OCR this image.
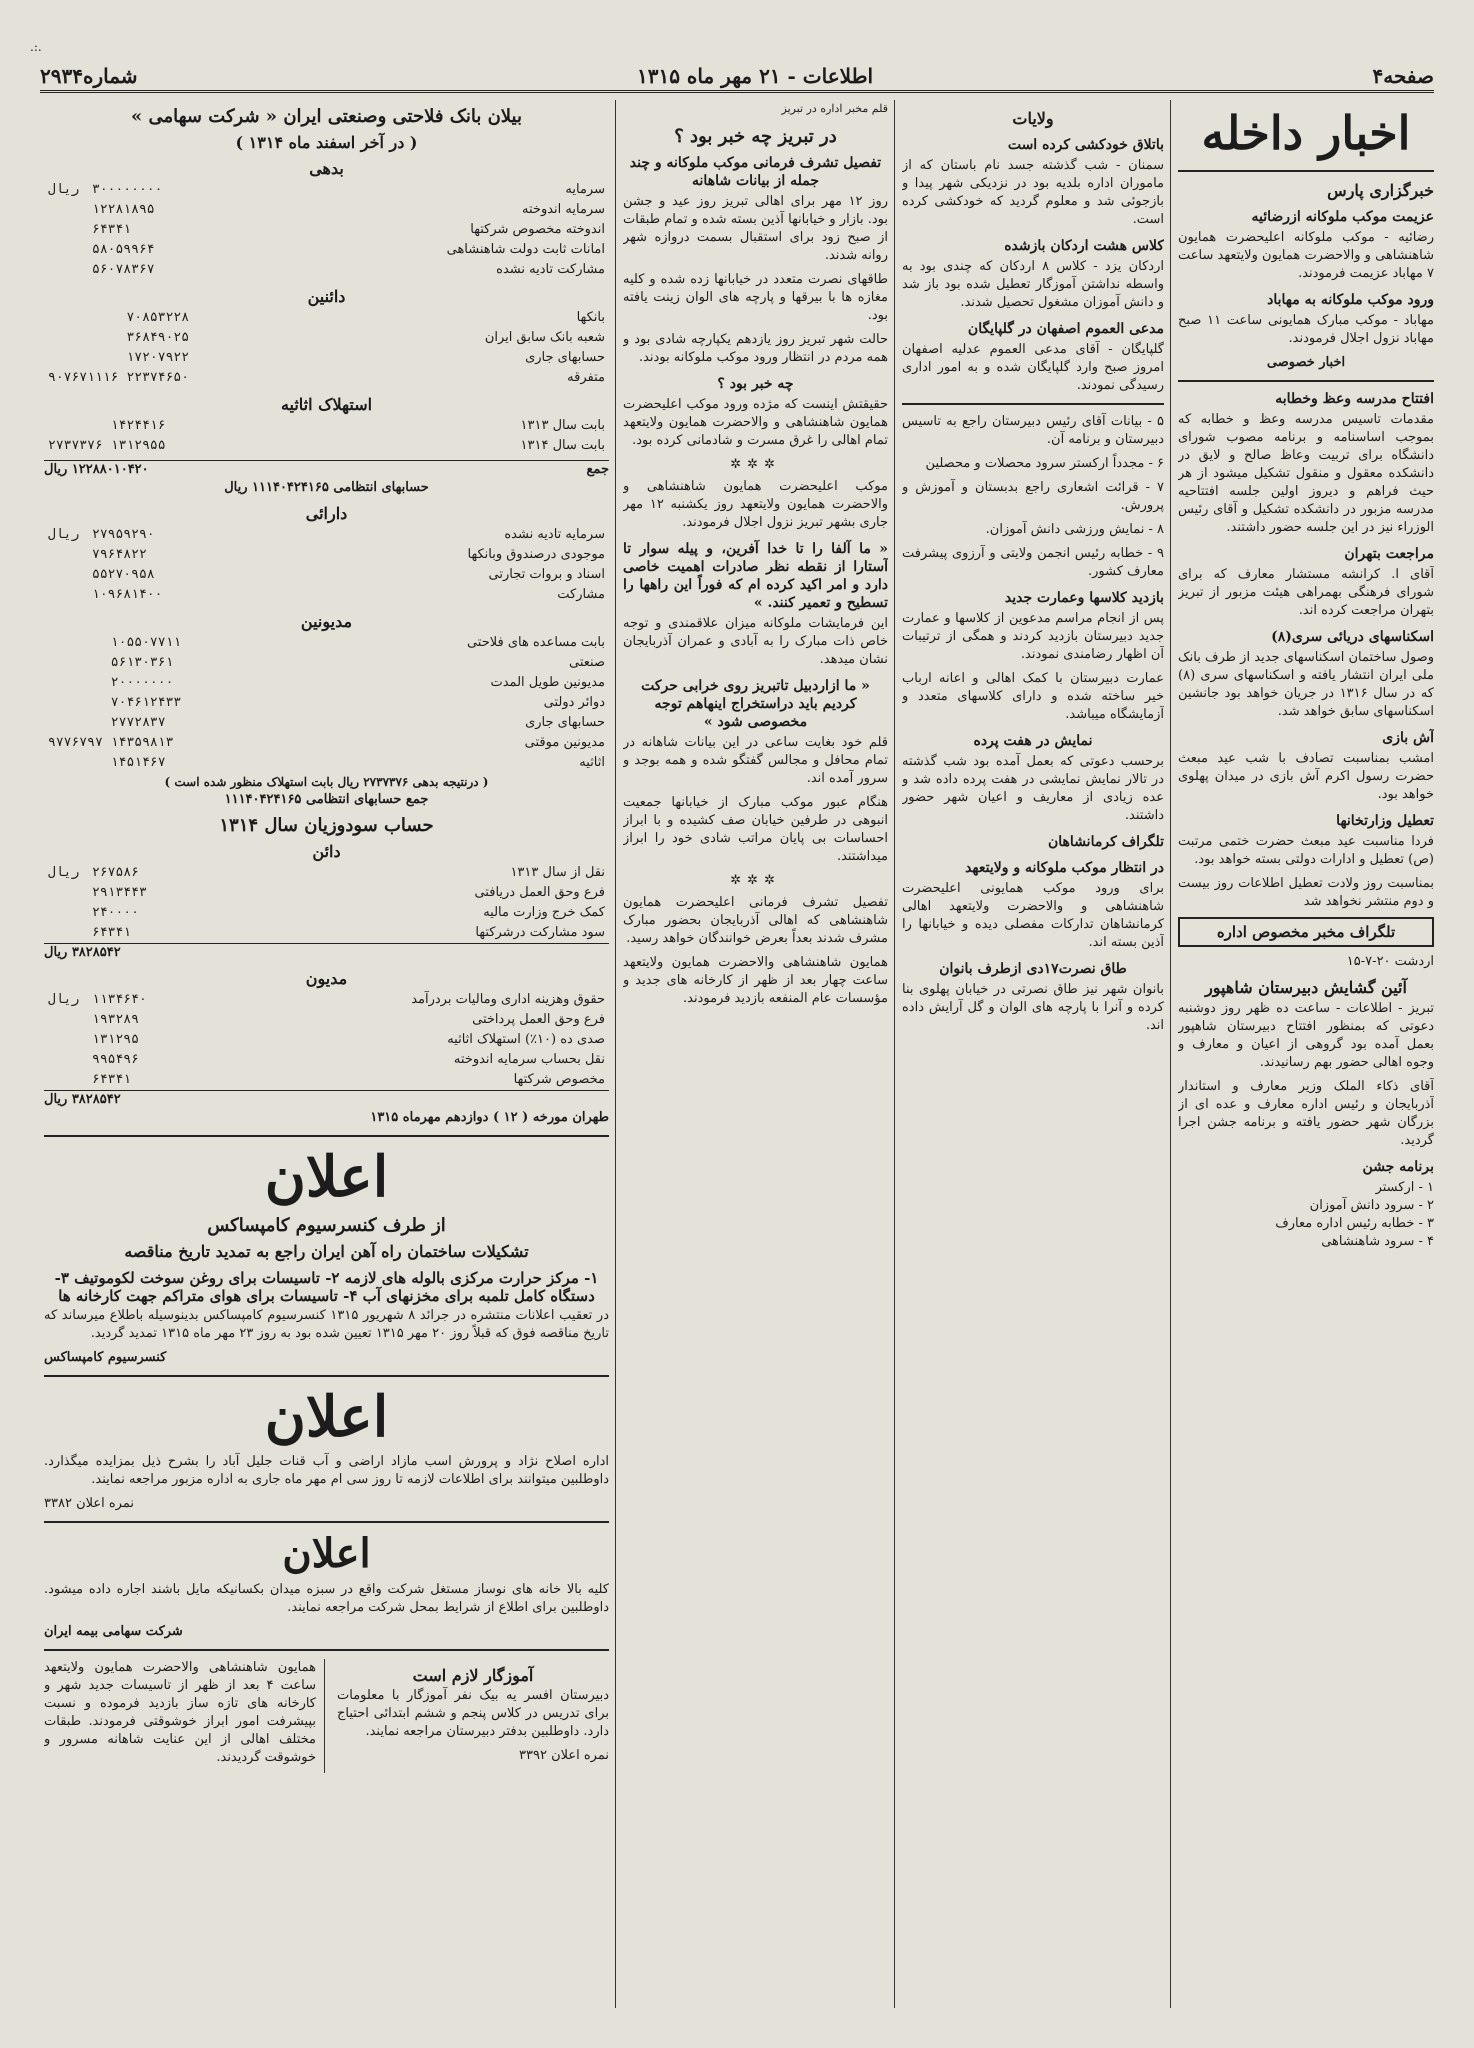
.:.
صفحه۴
اطلاعات - ۲۱ مهر ماه ۱۳۱۵
شماره۲۹۳۴
اخبار داخله
خبرگزاری پارس
عزیمت موکب ملوکانه ازرضائیه

رضائیه - موکب ملوکانه اعلیحضرت همایون شاهنشاهی و والاحضرت همایون ولایتعهد ساعت ۷ مهاباد عزیمت فرمودند.

ورود موکب ملوکانه به مهاباد

مهاباد - موکب مبارک همایونی ساعت ۱۱ صبح مهاباد نزول اجلال فرمودند.

اخبار خصوصی
افتتاح مدرسه وعظ وخطابه

مقدمات تاسیس مدرسه وعظ و خطابه که بموجب اساسنامه و برنامه مصوب شورای دانشگاه برای تربیت وعاظ صالح و لایق در دانشکده معقول و منقول تشکیل میشود از هر حیث فراهم و دیروز اولین جلسه افتتاحیه مدرسه مزبور در دانشکده تشکیل و آقای رئیس الوزراء نیز در این جلسه حضور داشتند.

مراجعت بتهران

آقای ا. کرانشه مستشار معارف که برای شورای فرهنگی بهمراهی هیئت مزبور از تبریز بتهران مراجعت کرده اند.

اسکناسهای دریائی سری(۸)

وصول ساختمان اسکناسهای جدید از طرف بانک ملی ایران انتشار یافته و اسکناسهای سری (۸) که در سال ۱۳۱۶ در جریان خواهد بود جانشین اسکناسهای سابق خواهد شد.

آش بازی

امشب بمناسبت تصادف با شب عید مبعث حضرت رسول اکرم آش بازی در میدان پهلوی خواهد بود.

تعطیل وزارتخانها

فردا مناسبت عید مبعث حضرت ختمی مرتبت (ص) تعطیل و ادارات دولتی بسته خواهد بود.

بمناسبت روز ولادت تعطیل اطلاعات روز بیست و دوم منتشر نخواهد شد

تلگراف مخبر مخصوص اداره
اردشت ۲۰-۷-۱۵
آئین گشایش دبیرستان شاهپور

تبریز - اطلاعات - ساعت ده ظهر روز دوشنبه دعوتی که بمنظور افتتاح دبیرستان شاهپور بعمل آمده بود گروهی از اعیان و معارف و وجوه اهالی حضور بهم رسانیدند.

آقای ذکاء الملک وزیر معارف و استاندار آذربایجان و رئیس اداره معارف و عده ای از بزرگان شهر حضور یافته و برنامه جشن اجرا گردید.

برنامه جشن
۱ - ارکستر
۲ - سرود دانش آموزان
۳ - خطابه رئیس اداره معارف
۴ - سرود شاهنشاهی
ولایات
باتلاق خودکشی کرده است

سمنان - شب گذشته جسد نام باستان که از ماموران اداره بلدیه بود در نزدیکی شهر پیدا و بازجوئی شد و معلوم گردید که خودکشی کرده است.

کلاس هشت اردکان بازشده

اردکان یزد - کلاس ۸ اردکان که چندی بود به واسطه نداشتن آموزگار تعطیل شده بود باز شد و دانش آموزان مشغول تحصیل شدند.

مدعی العموم اصفهان در گلپایگان

گلپایگان - آقای مدعی العموم عدلیه اصفهان امروز صبح وارد گلپایگان شده و به امور اداری رسیدگی نمودند.

۵ - بیانات آقای رئیس دبیرستان راجع به تاسیس دبیرستان و برنامه آن.

۶ - مجدداً ارکستر سرود محصلات و محصلین

۷ - قرائت اشعاری راجع بدبستان و آموزش و پرورش.

۸ - نمایش ورزشی دانش آموزان.

۹ - خطابه رئیس انجمن ولایتی و آرزوی پیشرفت معارف کشور.

بازدید کلاسها وعمارت جدید

پس از انجام مراسم مدعوین از کلاسها و عمارت جدید دبیرستان بازدید کردند و همگی از ترتیبات آن اظهار رضامندی نمودند.

عمارت دبیرستان با کمک اهالی و اعانه ارباب خیر ساخته شده و دارای کلاسهای متعدد و آزمایشگاه میباشد.

نمایش در هفت پرده

برحسب دعوتی که بعمل آمده بود شب گذشته در تالار نمایش نمایشی در هفت پرده داده شد و عده زیادی از معاریف و اعیان شهر حضور داشتند.

تلگراف کرمانشاهان
در انتظار موکب ملوکانه و ولایتعهد

برای ورود موکب همایونی اعلیحضرت شاهنشاهی و والاحضرت ولایتعهد اهالی کرمانشاهان تدارکات مفصلی دیده و خیابانها را آذین بسته اند.

طاق نصرت۱۷دی ازطرف بانوان

بانوان شهر نیز طاق نصرتی در خیابان پهلوی بنا کرده و آنرا با پارچه های الوان و گل آرایش داده اند.

قلم مخبر اداره در تبریز
در تبریز چه خبر بود ؟
تفصیل تشرف فرمانی موکب ملوکانه و چند جمله از بیانات شاهانه

روز ۱۲ مهر برای اهالی تبریز روز عید و جشن بود. بازار و خیابانها آذین بسته شده و تمام طبقات از صبح زود برای استقبال بسمت دروازه شهر روانه شدند.

طاقهای نصرت متعدد در خیابانها زده شده و کلیه مغازه ها با بیرقها و پارچه های الوان زینت یافته بود.

حالت شهر تبریز روز یازدهم یکپارچه شادی بود و همه مردم در انتظار ورود موکب ملوکانه بودند.

چه خبر بود ؟

حقیقتش اینست که مژده ورود موکب اعلیحضرت همایون شاهنشاهی و والاحضرت همایون ولایتعهد تمام اهالی را غرق مسرت و شادمانی کرده بود.

✲✲✲

موکب اعلیحضرت همایون شاهنشاهی و والاحضرت همایون ولایتعهد روز یکشنبه ۱۲ مهر جاری بشهر تبریز نزول اجلال فرمودند.

« ما آلفا را تا خدا آفرین، و پیله سوار تا آستارا از نقطه نظر صادرات اهمیت خاصی دارد و امر اکید کرده ام که فوراً این راهها را تسطیح و تعمیر کنند. »

این فرمایشات ملوکانه میزان علاقمندی و توجه خاص ذات مبارک را به آبادی و عمران آذربایجان نشان میدهد.

« ما ازاردبیل تاتبریز روی خرابی حرکت کردیم باید دراستخراج اینهاهم توجه مخصوصی شود »

قلم خود بغایت ساعی در این بیانات شاهانه در تمام محافل و مجالس گفتگو شده و همه بوجد و سرور آمده اند.

هنگام عبور موکب مبارک از خیابانها جمعیت انبوهی در طرفین خیابان صف کشیده و با ابراز احساسات بی پایان مراتب شادی خود را ابراز میداشتند.

✲✲✲

تفصیل تشرف فرمانی اعلیحضرت همایون شاهنشاهی که اهالی آذربایجان بحضور مبارک مشرف شدند بعداً بعرض خوانندگان خواهد رسید.

همایون شاهنشاهی والاحضرت همایون ولایتعهد ساعت چهار بعد از ظهر از کارخانه های جدید و مؤسسات عام المنفعه بازدید فرمودند.

بیلان بانک فلاحتی وصنعتی ایران « شرکت سهامی »
( در آخر اسفند ماه ۱۳۱۴ )
بدهی
سرمایه	۳۰۰۰۰۰۰۰۰	ریال
سرمایه اندوخته	۱۲۲۸۱۸۹۵	
اندوخته مخصوص شرکتها	۶۴۳۴۱	
امانات ثابت دولت شاهنشاهی	۵۸۰۵۹۹۶۴	
مشارکت تادیه نشده	۵۶۰۷۸۳۶۷	
دائنین
بانکها	۷۰۸۵۳۲۲۸	
شعبه بانک سابق ایران	۳۶۸۴۹۰۲۵	
حسابهای جاری	۱۷۲۰۷۹۲۲	
متفرقه	۲۲۳۷۴۶۵۰	۹۰۷۶۷۱۱۱۶
استهلاک اثاثیه
بابت سال ۱۳۱۳	۱۴۲۴۴۱۶	
بابت سال ۱۳۱۴	۱۳۱۲۹۵۵	۲۷۳۷۳۷۶
جمع
۱۲۲۸۸۰۱۰۴۲۰ ریال
حسابهای انتظامی ۱۱۱۴۰۴۲۴۱۶۵ ریال
دارائی
سرمایه تادیه نشده	۲۷۹۵۹۲۹۰	ریال
موجودی درصندوق وبانکها	۷۹۶۴۸۲۲	
اسناد و بروات تجارتی	۵۵۲۷۰۹۵۸	
مشارکت	۱۰۹۶۸۱۴۰۰	
مدیونین
بابت مساعده های فلاحتی	۱۰۵۵۰۷۷۱۱	
صنعتی	۵۶۱۳۰۳۶۱	
مدیونین طویل المدت	۲۰۰۰۰۰۰۰	
دوائر دولتی	۷۰۴۶۱۲۴۳۳	
حسابهای جاری	۲۷۷۲۸۳۷	
مدیونین موقتی	۱۴۳۵۹۸۱۳	۹۷۷۶۷۹۷
اثاثیه	۱۴۵۱۴۶۷	
( درنتیجه بدهی ۲۷۳۷۳۷۶ ریال بابت استهلاک منظور شده است )
جمع حسابهای انتظامی ۱۱۱۴۰۴۲۴۱۶۵
حساب سودوزیان سال ۱۳۱۴
دائن
نقل از سال ۱۳۱۳	۲۶۷۵۸۶	ریال
فرع وحق العمل دریافتی	۲۹۱۳۴۴۳	
کمک خرج وزارت مالیه	۲۴۰۰۰۰	
سود مشارکت درشرکتها	۶۴۳۴۱	
۳۸۲۸۵۴۲ ریال
مدیون
حقوق وهزینه اداری ومالیات بردرآمد	۱۱۳۴۶۴۰	ریال
فرع وحق العمل پرداختی	۱۹۳۲۸۹	
صدی ده (۱۰٪) استهلاک اثاثیه	۱۳۱۲۹۵	
نقل بحساب سرمایه اندوخته	۹۹۵۴۹۶	
مخصوص شرکتها	۶۴۳۴۱	
۳۸۲۸۵۴۲ ریال
طهران مورخه ( ۱۲ ) دوازدهم مهرماه ۱۳۱۵
اعلان
از طرف کنسرسیوم کامپساکس
تشکیلات ساختمان راه آهن ایران راجع به تمدید تاریخ مناقصه
۱- مرکز حرارت مرکزی بالوله های لازمه ۲- تاسیسات برای روغن سوخت لکوموتیف ۳- دستگاه کامل تلمبه برای مخزنهای آب ۴- تاسیسات برای هوای متراکم جهت کارخانه ها

در تعقیب اعلانات منتشره در جرائد ۸ شهریور ۱۳۱۵ کنسرسیوم کامپساکس بدینوسیله باطلاع میرساند که تاریخ مناقصه فوق که قبلاً روز ۲۰ مهر ۱۳۱۵ تعیین شده بود به روز ۲۳ مهر ماه ۱۳۱۵ تمدید گردید.

کنسرسیوم کامپساکس
اعلان

اداره اصلاح نژاد و پرورش اسب مازاد اراضی و آب قنات جلیل آباد را بشرح ذیل بمزایده میگذارد. داوطلبین میتوانند برای اطلاعات لازمه تا روز سی ام مهر ماه جاری به اداره مزبور مراجعه نمایند.

نمره اعلان ۳۳۸۲
اعلان

کلیه بالا خانه های نوساز مستغل شرکت واقع در سبزه میدان بکسانیکه مایل باشند اجاره داده میشود. داوطلبین برای اطلاع از شرایط بمحل شرکت مراجعه نمایند.

شرکت سهامی بیمه ایران
آموزگار لازم است

دبیرستان افسر یه بیک نفر آموزگار با معلومات برای تدریس در کلاس پنجم و ششم ابتدائی احتیاج دارد. داوطلبین بدفتر دبیرستان مراجعه نمایند.

نمره اعلان ۳۳۹۲

همایون شاهنشاهی والاحضرت همایون ولایتعهد ساعت ۴ بعد از ظهر از تاسیسات جدید شهر و کارخانه های تازه ساز بازدید فرموده و نسبت بپیشرفت امور ابراز خوشوقتی فرمودند. طبقات مختلف اهالی از این عنایت شاهانه مسرور و خوشوقت گردیدند.
